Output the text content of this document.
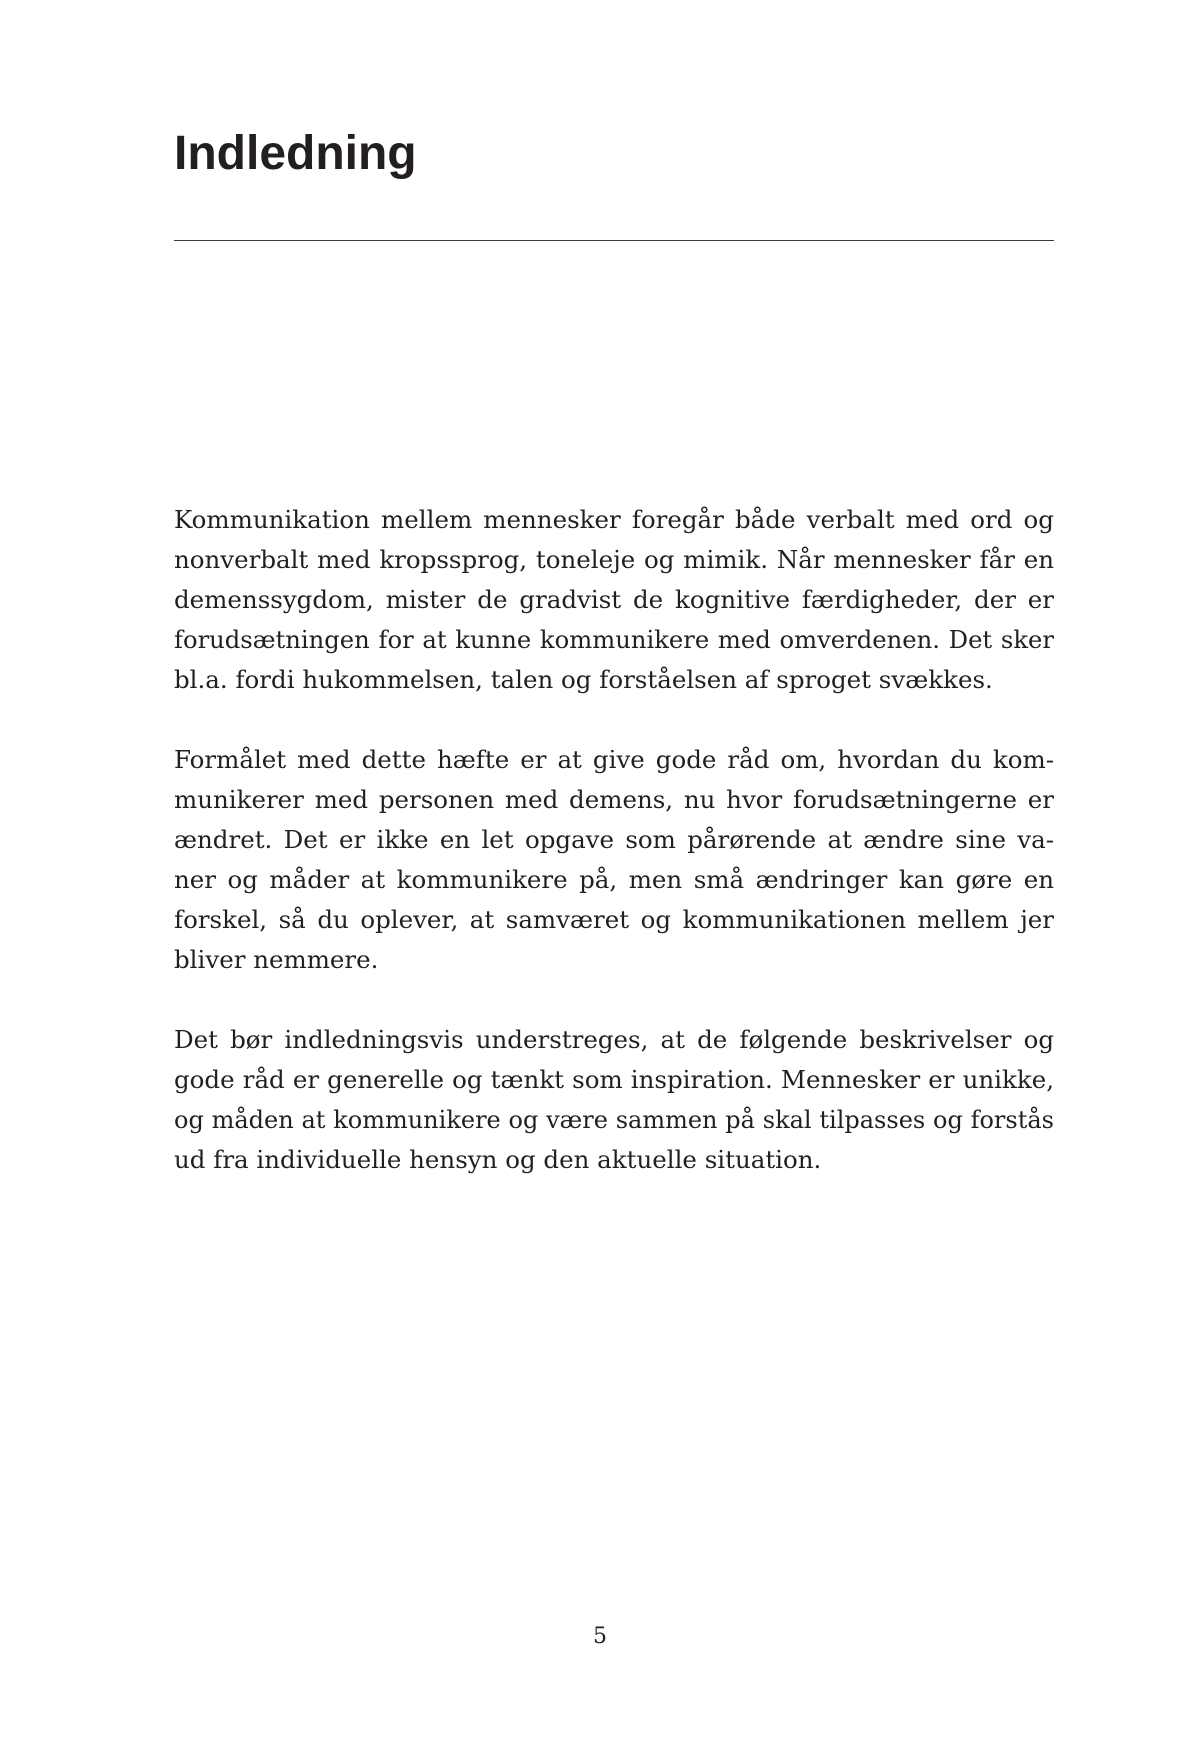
Indledning

Kommunikation mellem mennesker foregår både verbalt med ord og
nonverbalt med kropssprog, toneleje og mimik. Når mennesker får en
demenssygdom, mister de gradvist de kognitive færdigheder, der er
forudsætningen for at kunne kommunikere med omverdenen. Det sker
bl.a. fordi hukommelsen, talen og forståelsen af sproget svækkes.

Formålet med dette hæfte er at give gode råd om, hvordan du kom-
munikerer med personen med demens, nu hvor forudsætningerne er
ændret. Det er ikke en let opgave som pårørende at ændre sine va-
ner og måder at kommunikere på, men små ændringer kan gøre en
forskel, så du oplever, at samværet og kommunikationen mellem jer
bliver nemmere.

Det bør indledningsvis understreges, at de følgende beskrivelser og
gode råd er generelle og tænkt som inspiration. Mennesker er unikke,
og måden at kommunikere og være sammen på skal tilpasses og forstås
ud fra individuelle hensyn og den aktuelle situation.

5
